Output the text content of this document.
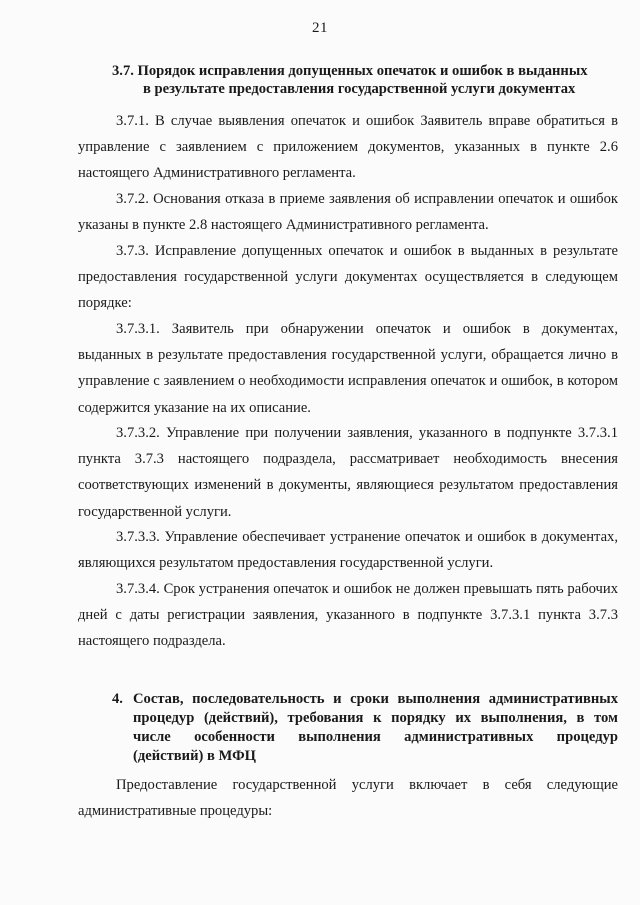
21
3.7. Порядок исправления допущенных опечаток и ошибок в выданных
в результате предоставления государственной услуги документах

3.7.1. В случае выявления опечаток и ошибок Заявитель вправе обратиться в управление с заявлением с приложением документов, указанных в пункте 2.6 настоящего Административного регламента.

3.7.2. Основания отказа в приеме заявления об исправлении опечаток и ошибок указаны в пункте 2.8 настоящего Административного регламента.

3.7.3. Исправление допущенных опечаток и ошибок в выданных в результате предоставления государственной услуги документах осуществляется в следующем порядке:

3.7.3.1. Заявитель при обнаружении опечаток и ошибок в документах, выданных в результате предоставления государственной услуги, обращается лично в управление с заявлением о необходимости исправления опечаток и ошибок, в котором содержится указание на их описание.

3.7.3.2. Управление при получении заявления, указанного в подпункте 3.7.3.1 пункта 3.7.3 настоящего подраздела, рассматривает необходимость внесения соответствующих изменений в документы, являющиеся результатом предоставления государственной услуги.

3.7.3.3. Управление обеспечивает устранение опечаток и ошибок в документах, являющихся результатом предоставления государственной услуги.

3.7.3.4. Срок устранения опечаток и ошибок не должен превышать пять рабочих дней с даты регистрации заявления, указанного в подпункте 3.7.3.1 пункта 3.7.3 настоящего подраздела.

4. Состав, последовательность и сроки выполнения административных
процедур (действий), требования к порядку их выполнения, в том
числе особенности выполнения административных процедур
(действий) в МФЦ

Предоставление государственной услуги включает в себя следующие административные процедуры:
